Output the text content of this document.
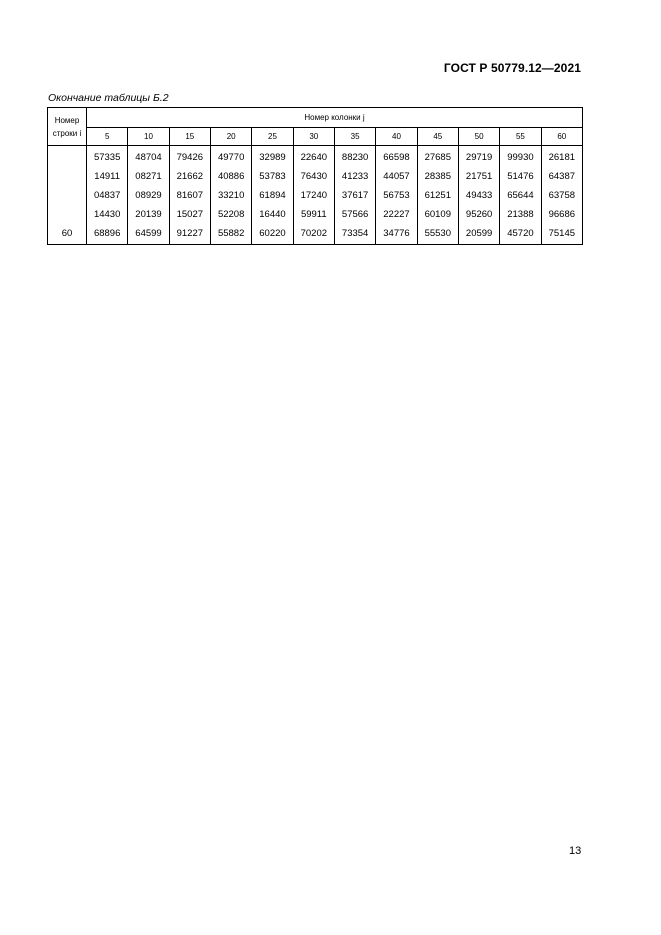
ГОСТ Р 50779.12—2021
Окончание таблицы Б.2
Номер строки i	Номер колонки j											
	5	10	15	20	25	30	35	40	45	50	55	60
	57335	48704	79426	49770	32989	22640	88230	66598	27685	29719	99930	26181
	14911	08271	21662	40886	53783	76430	41233	44057	28385	21751	51476	64387
	04837	08929	81607	33210	61894	17240	37617	56753	61251	49433	65644	63758
	14430	20139	15027	52208	16440	59911	57566	22227	60109	95260	21388	96686
60	68896	64599	91227	55882	60220	70202	73354	34776	55530	20599	45720	75145
13
